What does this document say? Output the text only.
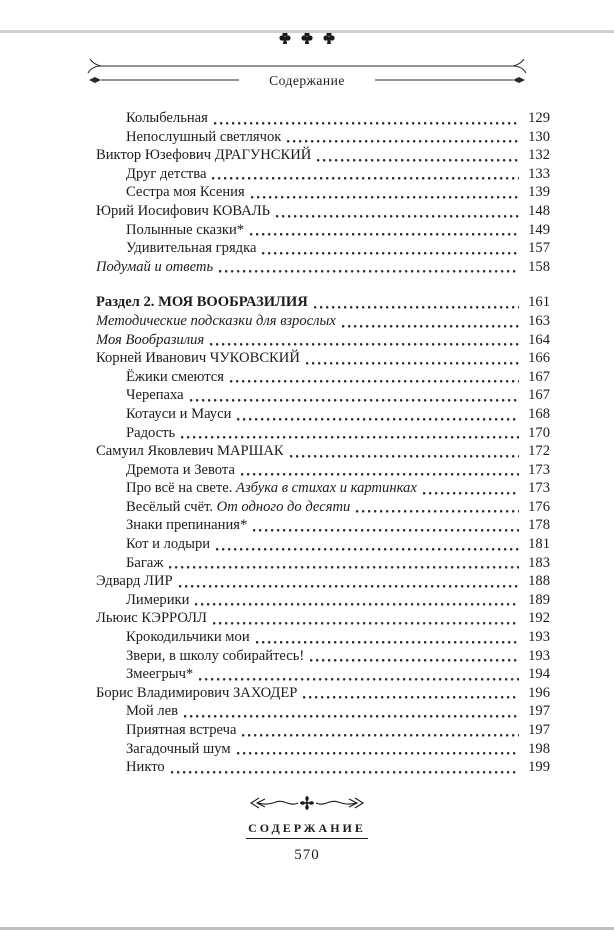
Содержание
Колыбельная	129
Непослушный светлячок	130
Виктор Юзефович ДРАГУНСКИЙ	132
Друг детства	133
Сестра моя Ксения	139
Юрий Иосифович КОВАЛЬ	148
Полынные сказки*	149
Удивительная грядка	157
Подумай и ответь	158
Раздел 2. МОЯ ВООБРАЗИЛИЯ	161
Методические подсказки для взрослых	163
Моя Вообразилия	164
Корней Иванович ЧУКОВСКИЙ	166
Ёжики смеются	167
Черепаха	167
Котауси и Мауси	168
Радость	170
Самуил Яковлевич МАРШАК	172
Дремота и Зевота	173
Про всё на свете. Азбука в стихах и картинках	173
Весёлый счёт. От одного до десяти	176
Знаки препинания*	178
Кот и лодыри	181
Багаж	183
Эдвард ЛИР	188
Лимерики	189
Льюис КЭРРОЛЛ	192
Крокодильчики мои	193
Звери, в школу собирайтесь!	193
Змеегрыч*	194
Борис Владимирович ЗАХОДЕР	196
Мой лев	197
Приятная встреча	197
Загадочный шум	198
Никто	199
СОДЕРЖАНИЕ
570
